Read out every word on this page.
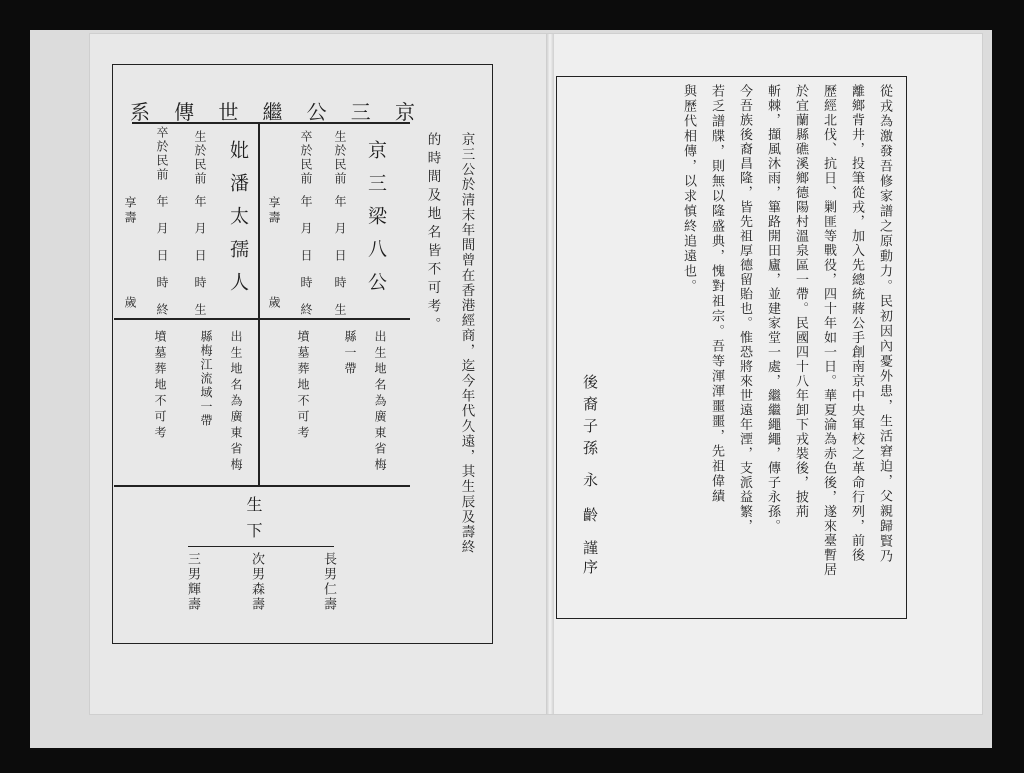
京
三
公
繼
世
傳
系
京三公於清末年間曾在香港經商，迄今年代久遠，其生辰及壽終
的時間及地名皆不可考。
京三梁八公
生於民前
年月日時生
卒於民前
年月日時終
享壽
歲
出生地名為廣東省梅
縣一帶
墳墓葬地不可考
妣潘太孺人
生於民前
年月日時生
卒於民前
年月日時終
享壽
歲
出生地名為廣東省梅
縣梅江流域一帶
墳墓葬地不可考
生下
長男仁壽
次男森壽
三男輝壽
從戎為激發吾修家譜之原動力。民初因內憂外患，生活窘迫，父親歸賢乃
離鄉背井，投筆從戎，加入先總統蔣公手創南京中央軍校之革命行列，前後
歷經北伐、抗日、剿匪等戰役，四十年如一日。華夏淪為赤色後，遂來臺暫居
於宜蘭縣礁溪鄉德陽村溫泉區一帶。民國四十八年卸下戎裝後，披荊
斬棘，擷風沐雨，篳路開田廬，並建家堂一處，繼繼繩繩，傳子永孫。
今吾族後裔昌隆，皆先祖厚德留貽也。惟恐將來世遠年湮，支派益繁，
若乏譜牒，則無以隆盛典，愧對祖宗。吾等渾渾噩噩，先祖偉績
與歷代相傳，以求慎終追遠也。
後裔子孫
永齡
謹序
